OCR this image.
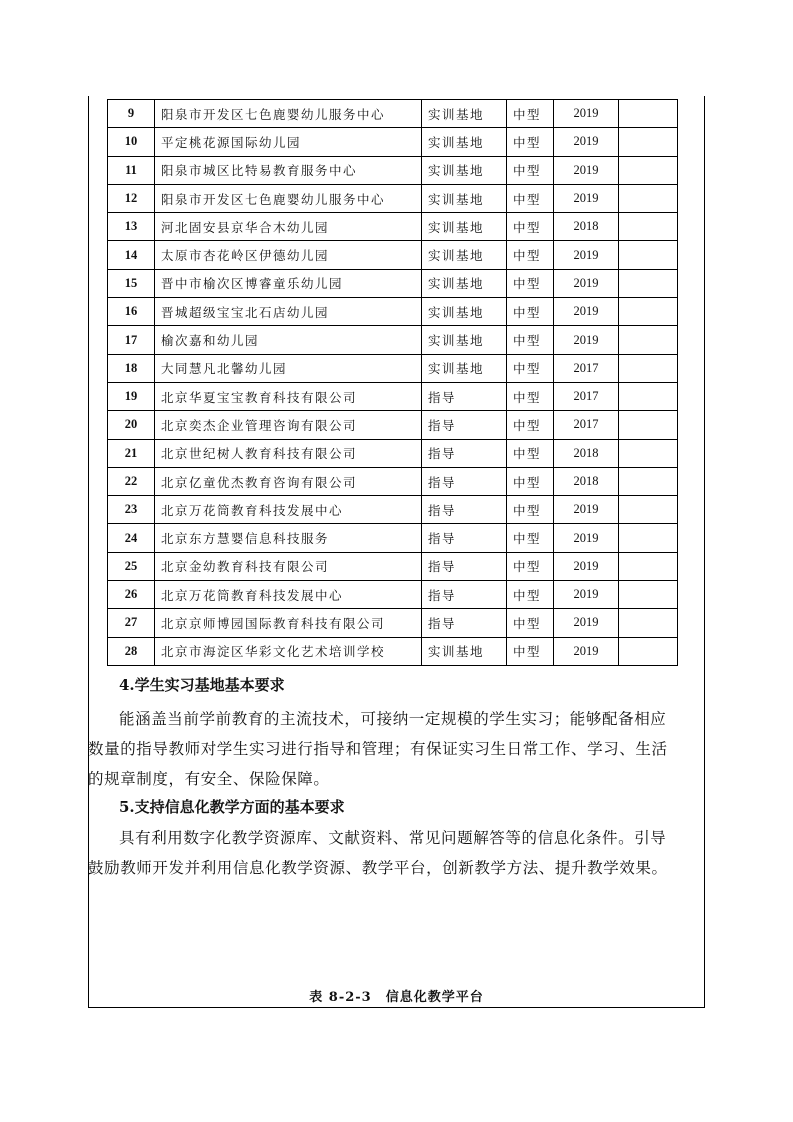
9	阳泉市开发区七色鹿婴幼儿服务中心	实训基地	中型	2019	
10	平定桃花源国际幼儿园	实训基地	中型	2019	
11	阳泉市城区比特易教育服务中心	实训基地	中型	2019	
12	阳泉市开发区七色鹿婴幼儿服务中心	实训基地	中型	2019	
13	河北固安县京华合木幼儿园	实训基地	中型	2018	
14	太原市杏花岭区伊德幼儿园	实训基地	中型	2019	
15	晋中市榆次区博睿童乐幼儿园	实训基地	中型	2019	
16	晋城超级宝宝北石店幼儿园	实训基地	中型	2019	
17	榆次嘉和幼儿园	实训基地	中型	2019	
18	大同慧凡北馨幼儿园	实训基地	中型	2017	
19	北京华夏宝宝教育科技有限公司	指导	中型	2017	
20	北京奕杰企业管理咨询有限公司	指导	中型	2017	
21	北京世纪树人教育科技有限公司	指导	中型	2018	
22	北京亿童优杰教育咨询有限公司	指导	中型	2018	
23	北京万花筒教育科技发展中心	指导	中型	2019	
24	北京东方慧婴信息科技服务	指导	中型	2019	
25	北京金幼教育科技有限公司	指导	中型	2019	
26	北京万花筒教育科技发展中心	指导	中型	2019	
27	北京京师博园国际教育科技有限公司	指导	中型	2019	
28	北京市海淀区华彩文化艺术培训学校	实训基地	中型	2019	
4.学生实习基地基本要求
能涵盖当前学前教育的主流技术，可接纳一定规模的学生实习；能够配备相应
数量的指导教师对学生实习进行指导和管理；有保证实习生日常工作、学习、生活
的规章制度，有安全、保险保障。
5.支持信息化教学方面的基本要求
具有利用数字化教学资源库、文献资料、常见问题解答等的信息化条件。引导
鼓励教师开发并利用信息化教学资源、教学平台，创新教学方法、提升教学效果。
表 8-2-3　信息化教学平台
